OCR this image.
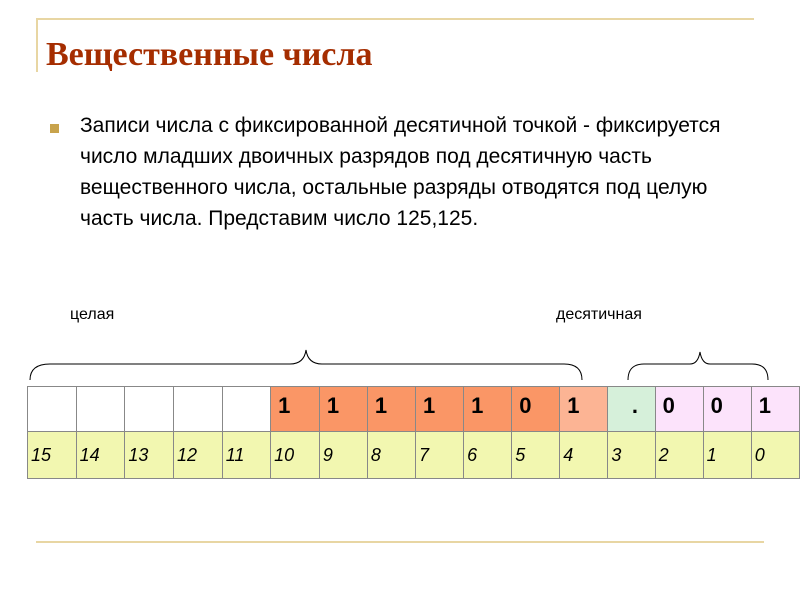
Вещественные числа
Записи числа с фиксированной десятичной точкой - фиксируется число младших двоичных разрядов под десятичную часть вещественного числа, остальные разряды отводятся под целую часть числа. Представим число 125,125.
целая	десятичная
					1	1	1	1	1	0	1	.	0	0	1
15	14	13	12	11	10	9	8	7	6	5	4	3	2	1	0
